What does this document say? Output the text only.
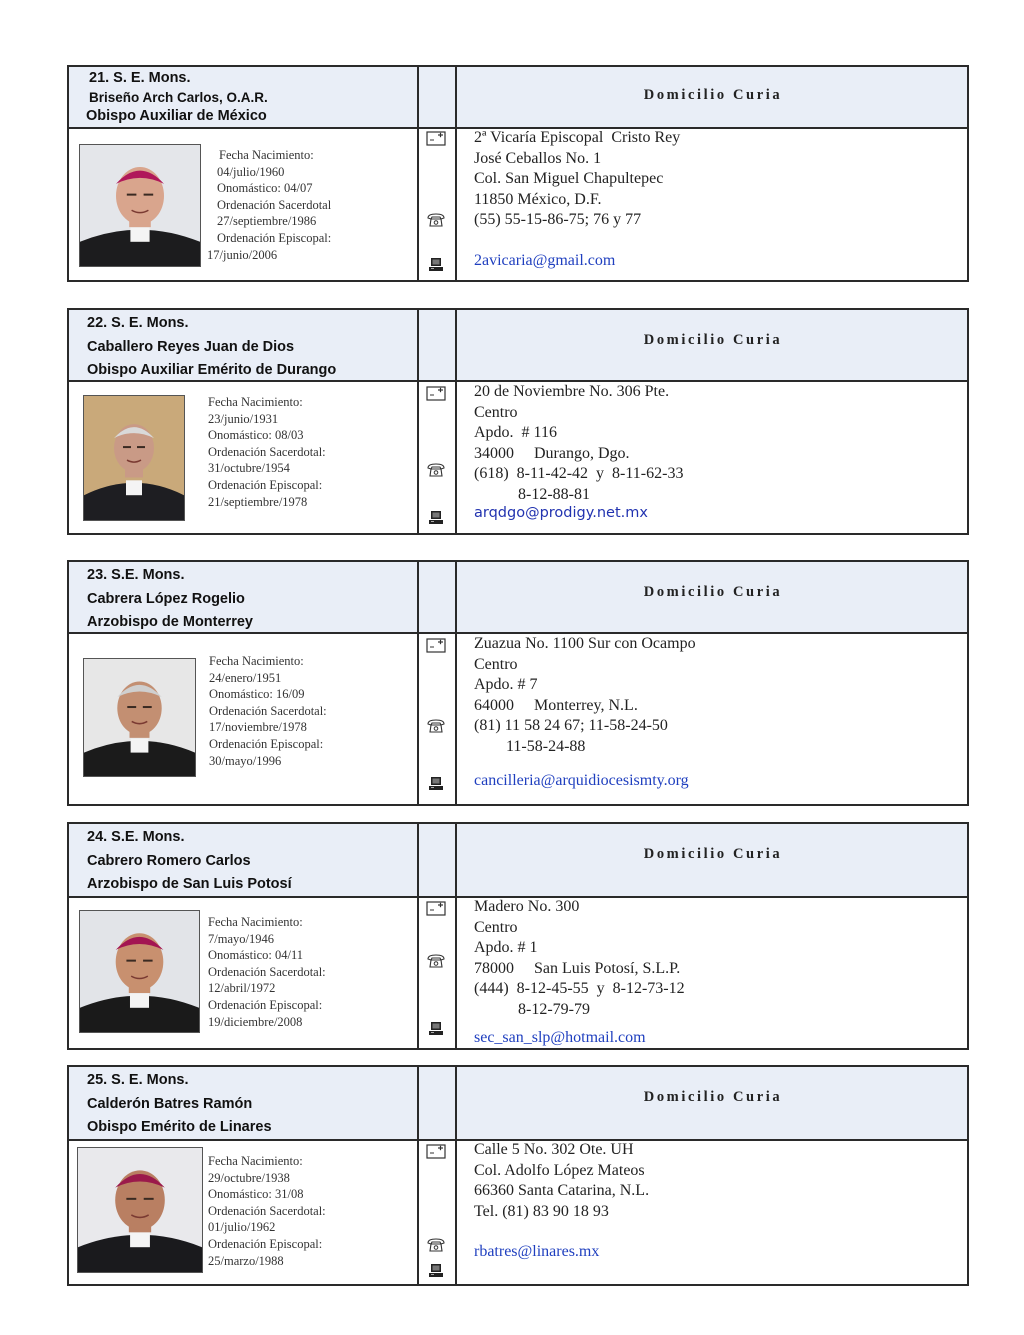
21. S. E. Mons.
Briseño Arch Carlos, O.A.R.
Obispo Auxiliar de México
Domicilio Curia
Fecha Nacimiento:
04/julio/1960
Onomástico: 04/07
Ordenación Sacerdotal
27/septiembre/1986
Ordenación Episcopal:
17/junio/2006
2ª Vicaría Episcopal  Cristo Rey
José Ceballos No. 1
Col. San Miguel Chapultepec
11850 México, D.F.
(55) 55-15-86-75; 76 y 77
2avicaria@gmail.com
22. S. E. Mons.
Caballero Reyes Juan de Dios
Obispo Auxiliar Emérito de Durango
Domicilio Curia
Fecha Nacimiento:
23/junio/1931
Onomástico: 08/03
Ordenación Sacerdotal:
31/octubre/1954
Ordenación Episcopal:
21/septiembre/1978
20 de Noviembre No. 306 Pte.
Centro
Apdo.  # 116
34000     Durango, Dgo.
(618)  8-11-42-42  y  8-11-62-33
8-12-88-81
arqdgo@prodigy.net.mx
23. S.E. Mons.
Cabrera López Rogelio
Arzobispo de Monterrey
Domicilio Curia
Fecha Nacimiento:
24/enero/1951
Onomástico: 16/09
Ordenación Sacerdotal:
17/noviembre/1978
Ordenación Episcopal:
30/mayo/1996
Zuazua No. 1100 Sur con Ocampo
Centro
Apdo. # 7
64000     Monterrey, N.L.
(81) 11 58 24 67; 11-58-24-50
11-58-24-88
cancilleria@arquidiocesismty.org
24. S.E. Mons.
Cabrero Romero Carlos
Arzobispo de San Luis Potosí
Domicilio Curia
Fecha Nacimiento:
7/mayo/1946
Onomástico: 04/11
Ordenación Sacerdotal:
12/abril/1972
Ordenación Episcopal:
19/diciembre/2008
Madero No. 300
Centro
Apdo. # 1
78000     San Luis Potosí, S.L.P.
(444)  8-12-45-55  y  8-12-73-12
8-12-79-79
sec_san_slp@hotmail.com
25. S. E. Mons.
Calderón Batres Ramón
Obispo Emérito de Linares
Domicilio Curia
Fecha Nacimiento:
29/octubre/1938
Onomástico: 31/08
Ordenación Sacerdotal:
01/julio/1962
Ordenación Episcopal:
25/marzo/1988
Calle 5 No. 302 Ote. UH
Col. Adolfo López Mateos
66360 Santa Catarina, N.L.
Tel. (81) 83 90 18 93
rbatres@linares.mx
